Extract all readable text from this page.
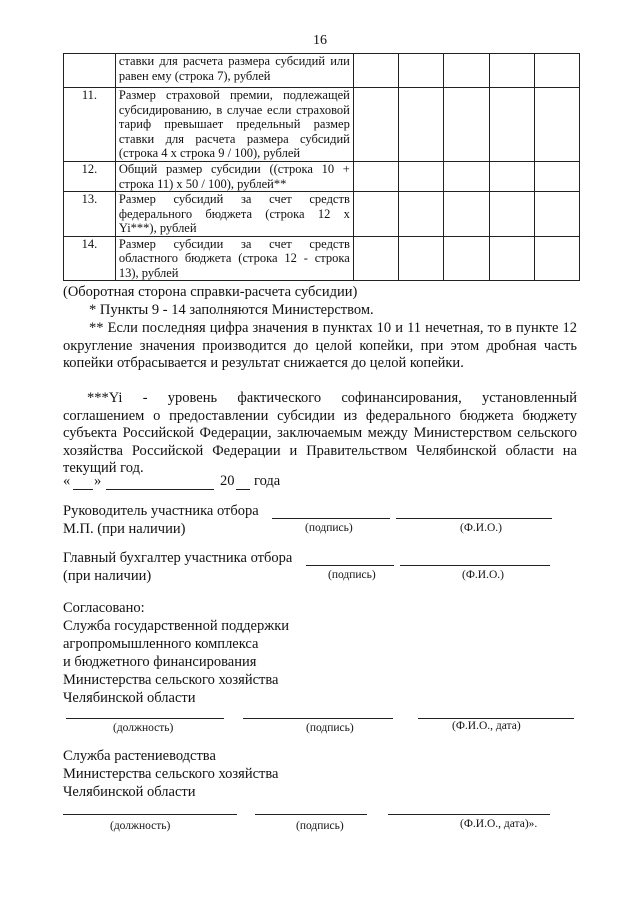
16
	ставки для расчета размера субсидий или равен ему (строка 7), рублей					
11.	Размер страховой премии, подлежащей субсидированию, в случае если страховой тариф превышает предельный размер ставки для расчета размера субсидий (строка 4 х строка 9 / 100), рублей					
12.	Общий размер субсидии ((строка 10 + строка 11) х 50 / 100), рублей**					
13.	Размер субсидий за счет средств федерального бюджета (строка 12 х Yi***), рублей					
14.	Размер субсидии за счет средств областного бюджета (строка 12 - строка 13), рублей					
(Оборотная сторона справки-расчета субсидии)
* Пункты 9 - 14 заполняются Министерством.
** Если последняя цифра значения в пунктах 10 и 11 нечетная, то в пункте 12 округление значения производится до целой копейки, при этом дробная часть копейки отбрасывается и результат снижается до целой копейки.
***Yi - уровень фактического софинансирования, установленный соглашением о предоставлении субсидии из федерального бюджета бюджету субъекта Российской Федерации, заключаемым между Министерством сельского хозяйства Российской Федерации и Правительством Челябинской области на текущий год.
« »	20 года
Руководитель участника отбора
М.П. (при наличии)	(подпись)	(Ф.И.О.)
Главный бухгалтер участника отбора
(при наличии)	(подпись)	(Ф.И.О.)
Согласовано:
Служба государственной поддержки
агропромышленного комплекса
и бюджетного финансирования
Министерства сельского хозяйства
Челябинской области
(должность)	(подпись)	(Ф.И.О., дата)
Служба растениеводства
Министерства сельского хозяйства
Челябинской области
(должность)	(подпись)	(Ф.И.О., дата)».
